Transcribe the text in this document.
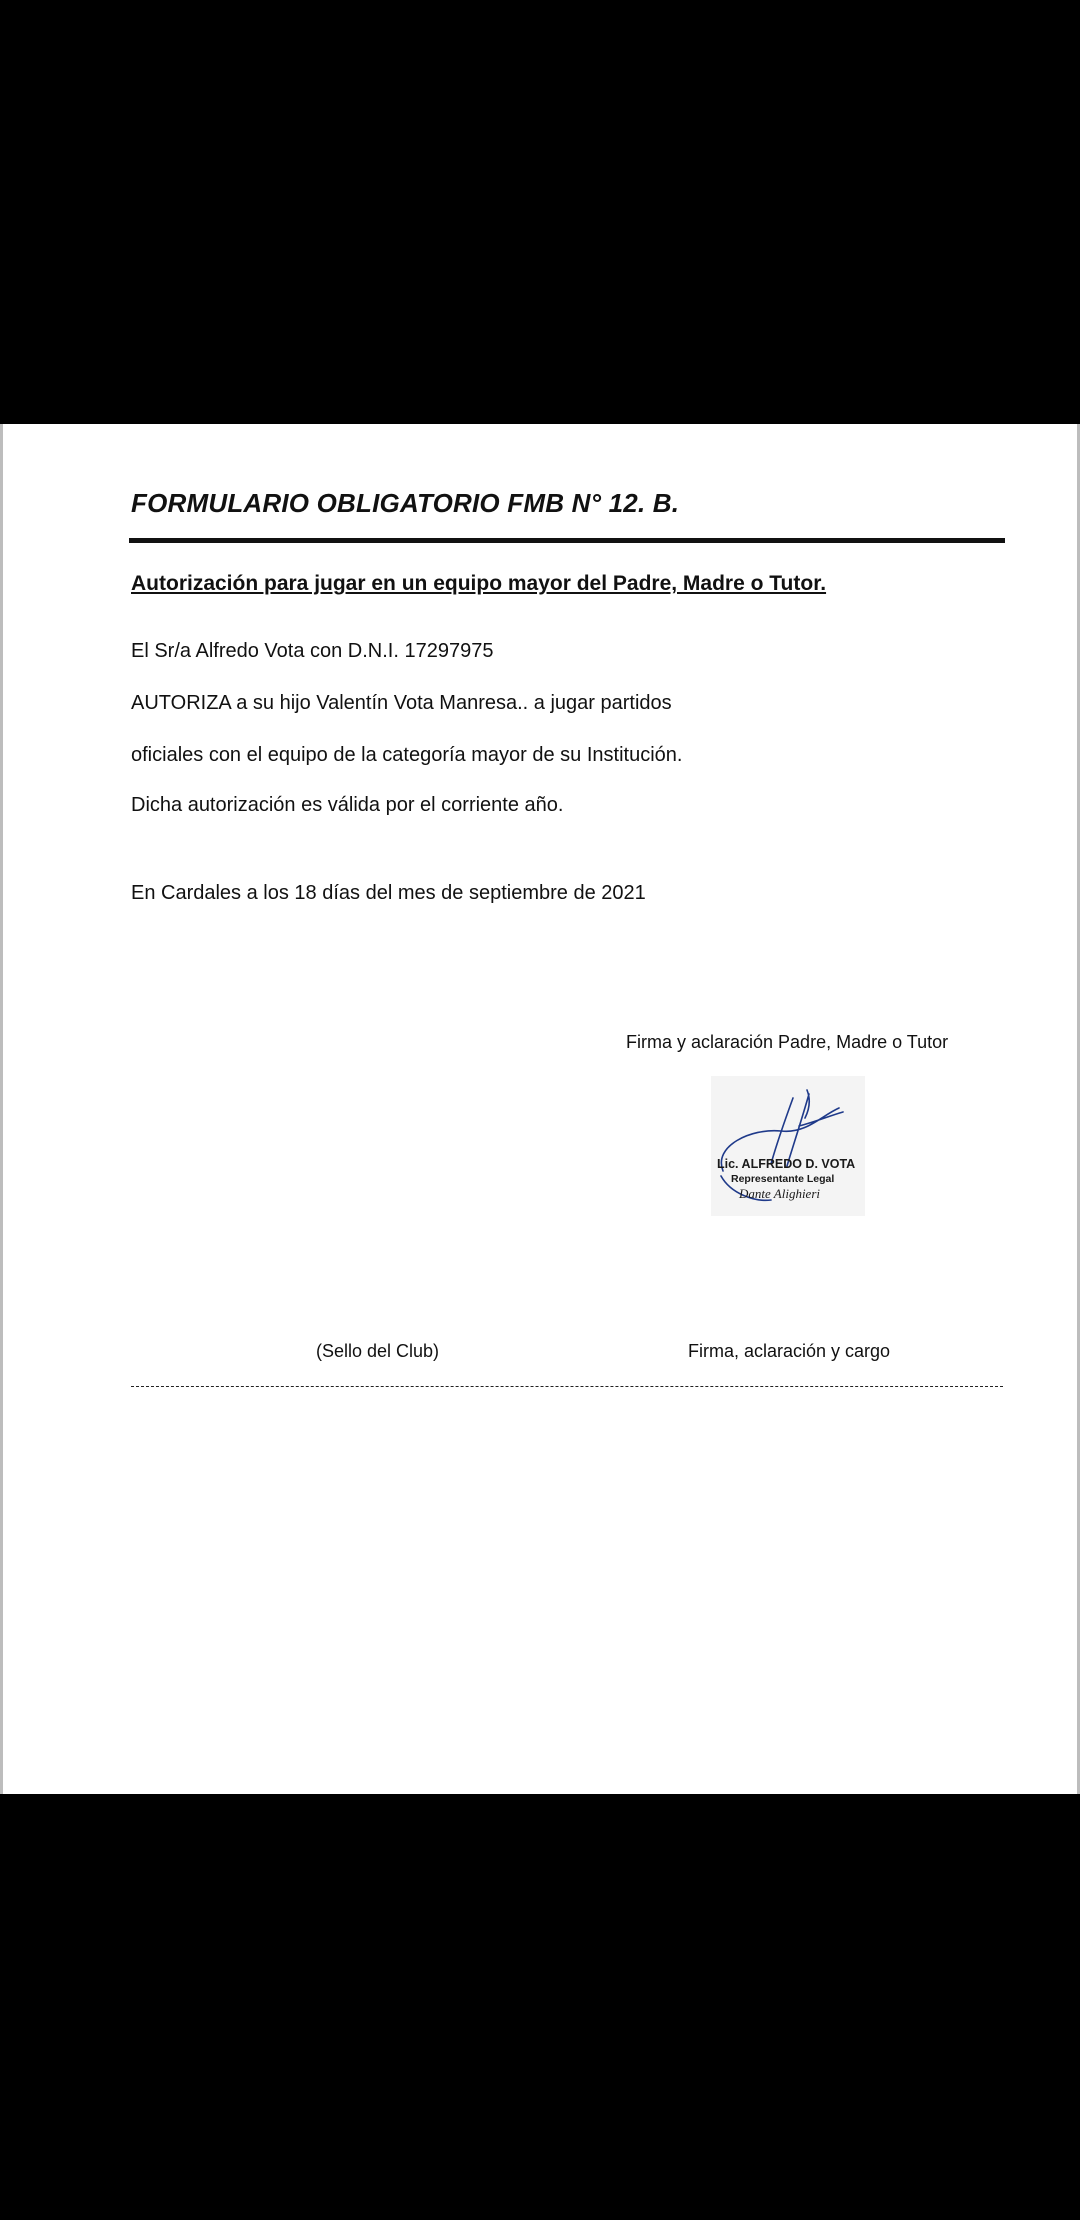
FORMULARIO OBLIGATORIO FMB N° 12. B.
Autorización para jugar en un equipo mayor del Padre, Madre o Tutor.
El Sr/a Alfredo Vota con D.N.I. 17297975
AUTORIZA a su hijo Valentín Vota Manresa.. a jugar partidos
oficiales con el equipo de la categoría mayor de su Institución.
Dicha autorización es válida por el corriente año.
En Cardales a los 18 días del mes de septiembre de 2021
Firma y aclaración Padre, Madre o Tutor
Lic. ALFREDO D. VOTA
Representante Legal
Dante Alighieri
(Sello del Club)	Firma, aclaración y cargo
